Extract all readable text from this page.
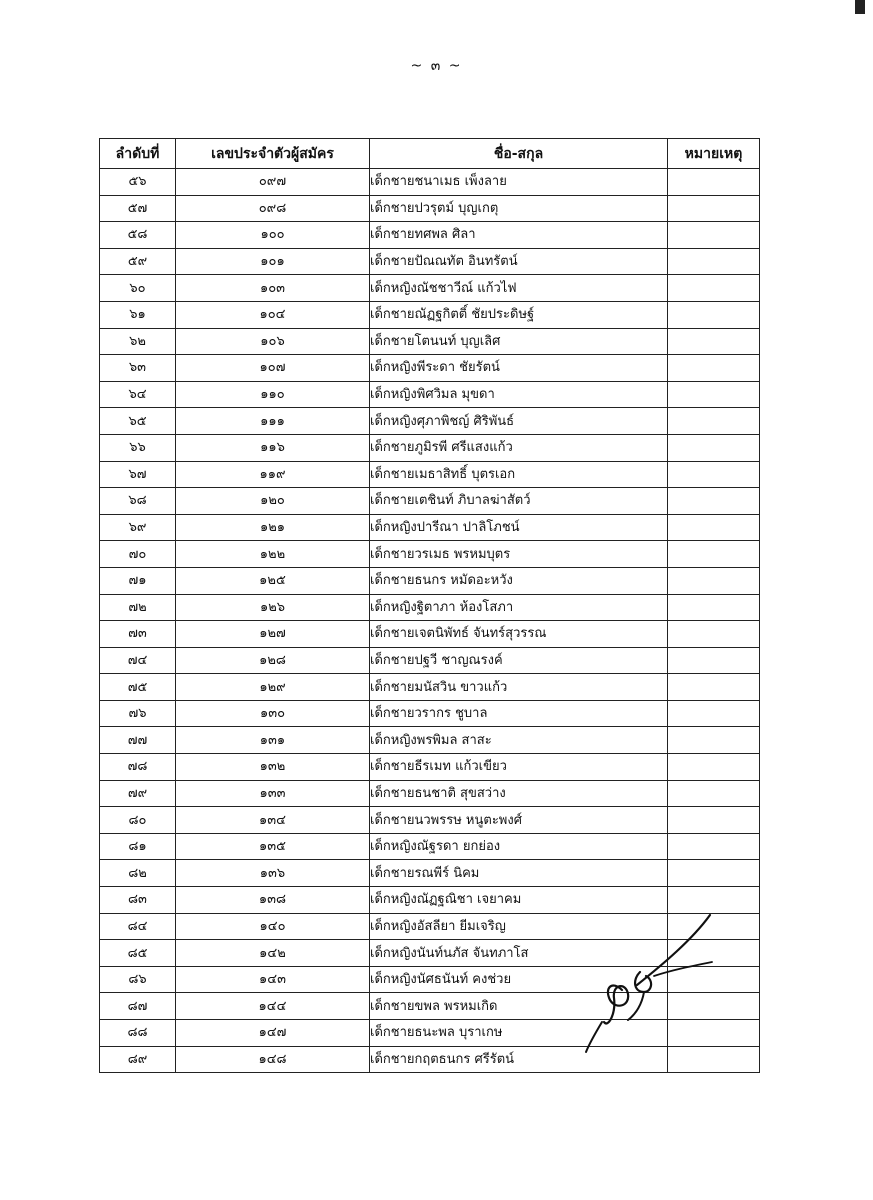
~ ๓ ~
ลำดับที่	เลขประจำตัวผู้สมัคร	ชื่อ-สกุล	หมายเหตุ
๕๖	๐๙๗	เด็กชายชนาเมธ เพ็งลาย	
๕๗	๐๙๘	เด็กชายปวรุตม์ บุญเกตุ	
๕๘	๑๐๐	เด็กชายทศพล ศิลา	
๕๙	๑๐๑	เด็กชายปัณณทัต อินทรัตน์	
๖๐	๑๐๓	เด็กหญิงณัชชาวีณ์ แก้วไฟ	
๖๑	๑๐๔	เด็กชายณัฏฐกิตติ์ ชัยประดิษฐ์	
๖๒	๑๐๖	เด็กชายโตนนท์ บุญเลิศ	
๖๓	๑๐๗	เด็กหญิงพีระดา ชัยรัตน์	
๖๔	๑๑๐	เด็กหญิงพิศวิมล มุขดา	
๖๕	๑๑๑	เด็กหญิงศุภาพิชญ์ ศิริพันธ์	
๖๖	๑๑๖	เด็กชายภูมิรพี ศรีแสงแก้ว	
๖๗	๑๑๙	เด็กชายเมธาสิทธิ์ บุตรเอก	
๖๘	๑๒๐	เด็กชายเตชินท์ ภิบาลฆ่าสัตว์	
๖๙	๑๒๑	เด็กหญิงปารีณา ปาลิโภชน์	
๗๐	๑๒๒	เด็กชายวรเมธ พรหมบุตร	
๗๑	๑๒๕	เด็กชายธนกร หมัดอะหวัง	
๗๒	๑๒๖	เด็กหญิงฐิตาภา ห้องโสภา	
๗๓	๑๒๗	เด็กชายเจตนิพัทธ์ จันทร์สุวรรณ	
๗๔	๑๒๘	เด็กชายปฐวี ชาญณรงค์	
๗๕	๑๒๙	เด็กชายมนัสวิน ขาวแก้ว	
๗๖	๑๓๐	เด็กชายวรากร ชูบาล	
๗๗	๑๓๑	เด็กหญิงพรพิมล สาสะ	
๗๘	๑๓๒	เด็กชายธีรเมท แก้วเขียว	
๗๙	๑๓๓	เด็กชายธนชาติ สุขสว่าง	
๘๐	๑๓๔	เด็กชายนวพรรษ หนูตะพงศ์	
๘๑	๑๓๕	เด็กหญิงณัฐรดา ยกย่อง	
๘๒	๑๓๖	เด็กชายรณพีร์ นิคม	
๘๓	๑๓๘	เด็กหญิงณัฏฐณิชา เจยาคม	
๘๔	๑๔๐	เด็กหญิงอัสลียา ยีมเจริญ	
๘๕	๑๔๒	เด็กหญิงนันท์นภัส จันทภาโส	
๘๖	๑๔๓	เด็กหญิงนัศธนันท์ คงช่วย	
๘๗	๑๔๔	เด็กชายขพล พรหมเกิด	
๘๘	๑๔๗	เด็กชายธนะพล บุราเกษ	
๘๙	๑๔๘	เด็กชายกฤตธนกร ศรีรัตน์	
